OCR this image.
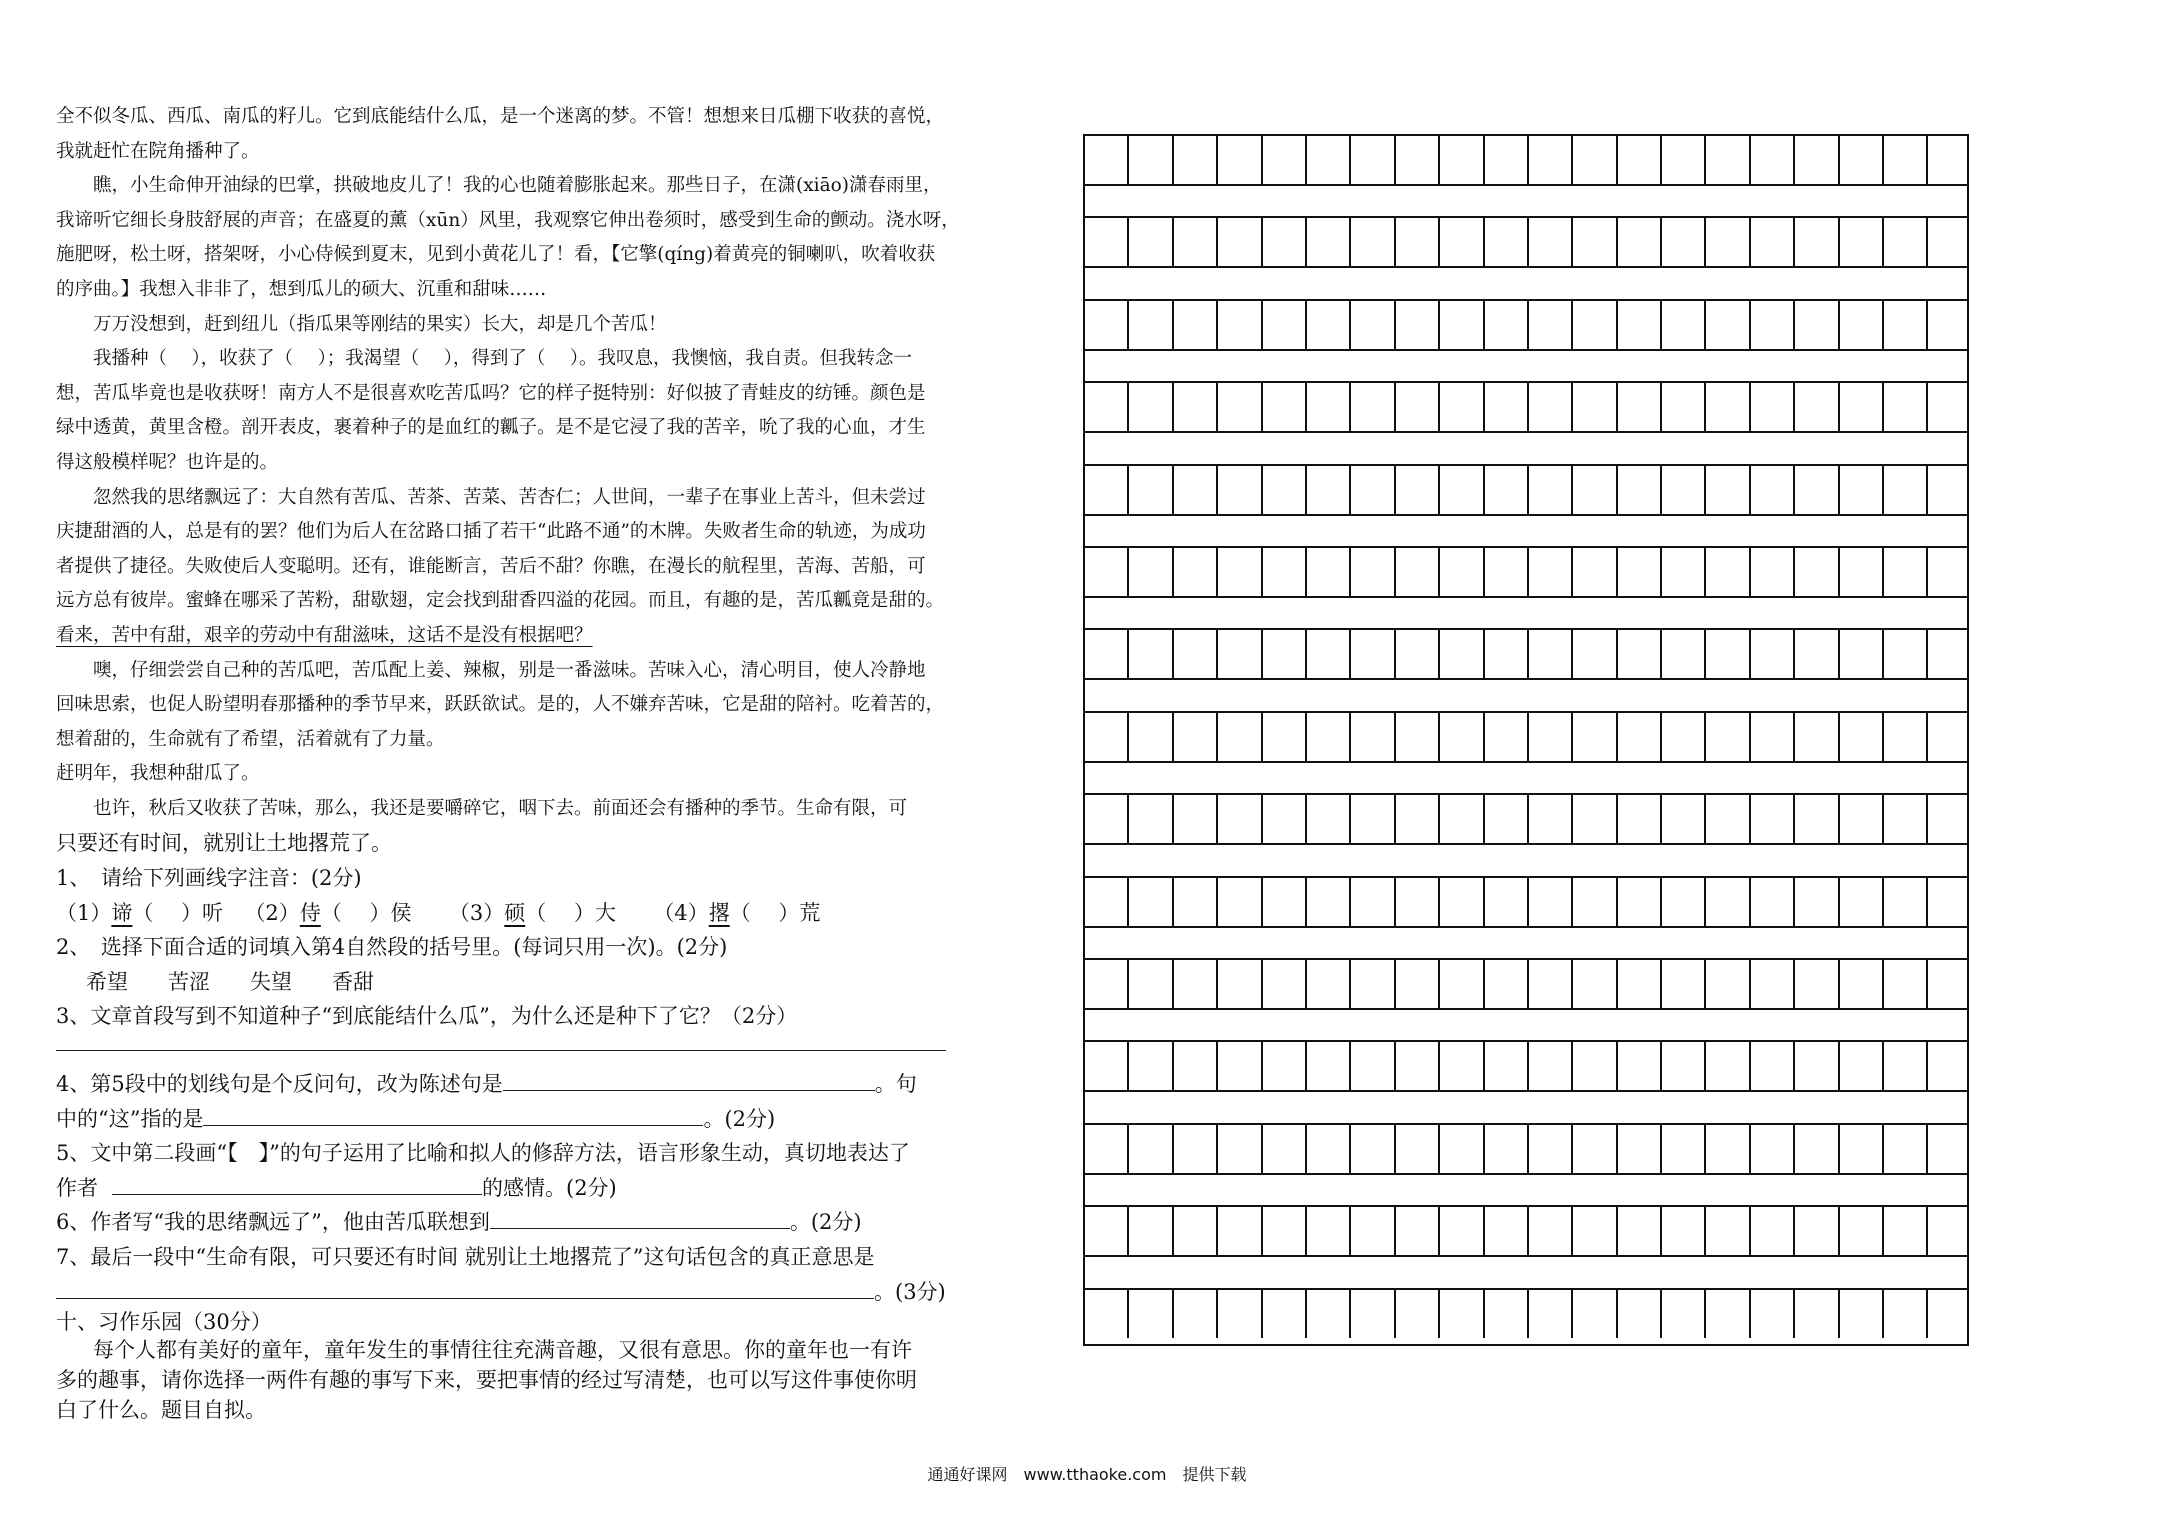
全不似冬瓜、西瓜、南瓜的籽儿。它到底能结什么瓜，是一个迷离的梦。不管！想想来日瓜棚下收获的喜悦，

我就赶忙在院角播种了。

瞧，小生命伸开油绿的巴掌，拱破地皮儿了！我的心也随着膨胀起来。那些日子，在潇(xiāo)潇春雨里，

我谛听它细长身肢舒展的声音；在盛夏的薰（xūn）风里，我观察它伸出卷须时，感受到生命的颤动。浇水呀，

施肥呀，松土呀，搭架呀，小心侍候到夏末，见到小黄花儿了！看，【它擎(qíng)着黄亮的铜喇叭，吹着收获

的序曲。】我想入非非了，想到瓜儿的硕大、沉重和甜味……

万万没想到，赶到纽儿（指瓜果等刚结的果实）长大，却是几个苦瓜！

我播种（　 ），收获了（　 ）；我渴望（　 ），得到了（　 ）。我叹息，我懊恼，我自责。但我转念一

想，苦瓜毕竟也是收获呀！南方人不是很喜欢吃苦瓜吗？它的样子挺特别：好似披了青蛙皮的纺锤。颜色是

绿中透黄，黄里含橙。剖开表皮，裹着种子的是血红的瓤子。是不是它浸了我的苦辛，吮了我的心血，才生

得这般模样呢？也许是的。

忽然我的思绪飘远了：大自然有苦瓜、苦茶、苦菜、苦杏仁；人世间，一辈子在事业上苦斗，但未尝过

庆捷甜酒的人，总是有的罢？他们为后人在岔路口插了若干“此路不通”的木牌。失败者生命的轨迹，为成功

者提供了捷径。失败使后人变聪明。还有，谁能断言，苦后不甜？你瞧，在漫长的航程里，苦海、苦船，可

远方总有彼岸。蜜蜂在哪采了苦粉，甜歇翅，定会找到甜香四溢的花园。而且，有趣的是，苦瓜瓤竟是甜的。

看来，苦中有甜，艰辛的劳动中有甜滋味，这话不是没有根据吧？

噢，仔细尝尝自己种的苦瓜吧，苦瓜配上姜、辣椒，别是一番滋味。苦味入心，清心明目，使人冷静地

回味思索，也促人盼望明春那播种的季节早来，跃跃欲试。是的，人不嫌弃苦味，它是甜的陪衬。吃着苦的，

想着甜的，生命就有了希望，活着就有了力量。

赶明年，我想种甜瓜了。

也许，秋后又收获了苦味，那么，我还是要嚼碎它，咽下去。前面还会有播种的季节。生命有限，可

只要还有时间，就别让土地撂荒了。

1、　请给下列画线字注音：(2分)

（1）谛（　 ）听 （2）侍（　 ）侯 （3）硕（　 ）大 （4）撂（　 ）荒

2、　选择下面合适的词填入第4自然段的括号里。(每词只用一次)。(2分)

希望 苦涩 失望 香甜

3、文章首段写到不知道种子“到底能结什么瓜”，为什么还是种下了它？（2分）

4、第5段中的划线句是个反问句，改为陈述句是	。句

中的“这”指的是	。(2分)

5、文中第二段画“【　】”的句子运用了比喻和拟人的修辞方法，语言形象生动，真切地表达了

作者	的感情。(2分)

6、作者写“我的思绪飘远了”，他由苦瓜联想到	。(2分)

7、最后一段中“生命有限，可只要还有时间 就别让土地撂荒了”这句话包含的真正意思是

。(3分)

十、习作乐园（30分）

每个人都有美好的童年，童年发生的事情往往充满音趣，又很有意思。你的童年也一有许

多的趣事，请你选择一两件有趣的事写下来，要把事情的经过写清楚，也可以写这件事使你明

白了什么。题目自拟。

通通好课网　www.tthaoke.com　提供下载
